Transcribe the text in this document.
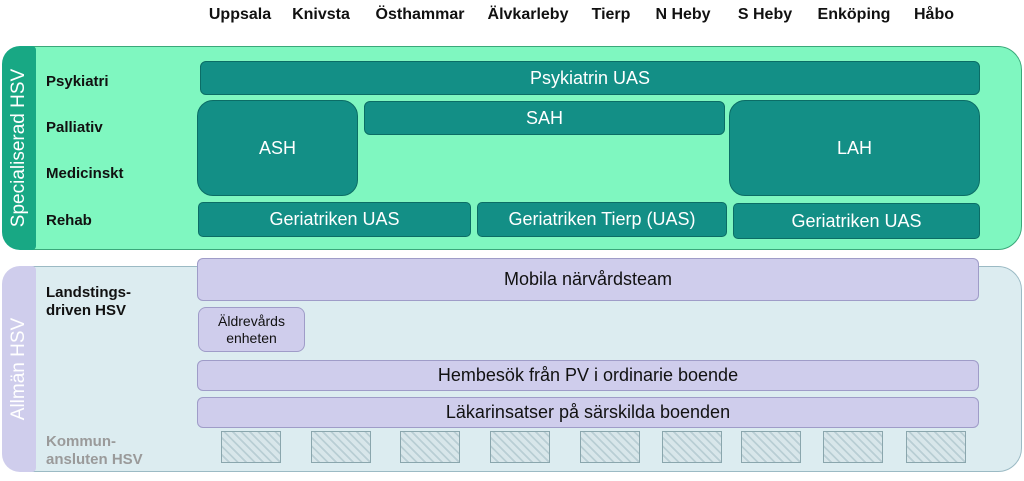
Uppsala	Knivsta	Östhammar Älvkarleby	Tierp	N Heby	S Heby	Enköping	Håbo
Specialiserad HSV Psykiatri
Palliativ
Medicinskt
Rehab
Psykiatrin UAS
ASH
SAH
LAH
Geriatriken UAS	Geriatriken Tierp (UAS)	Geriatriken UAS
Allmän HSV
Landstings-
driven HSV
Kommun-
ansluten HSV
Mobila närvårdsteam
Äldrevårds
enheten
Hembesök från PV i ordinarie boende
Läkarinsatser på särskilda boenden
